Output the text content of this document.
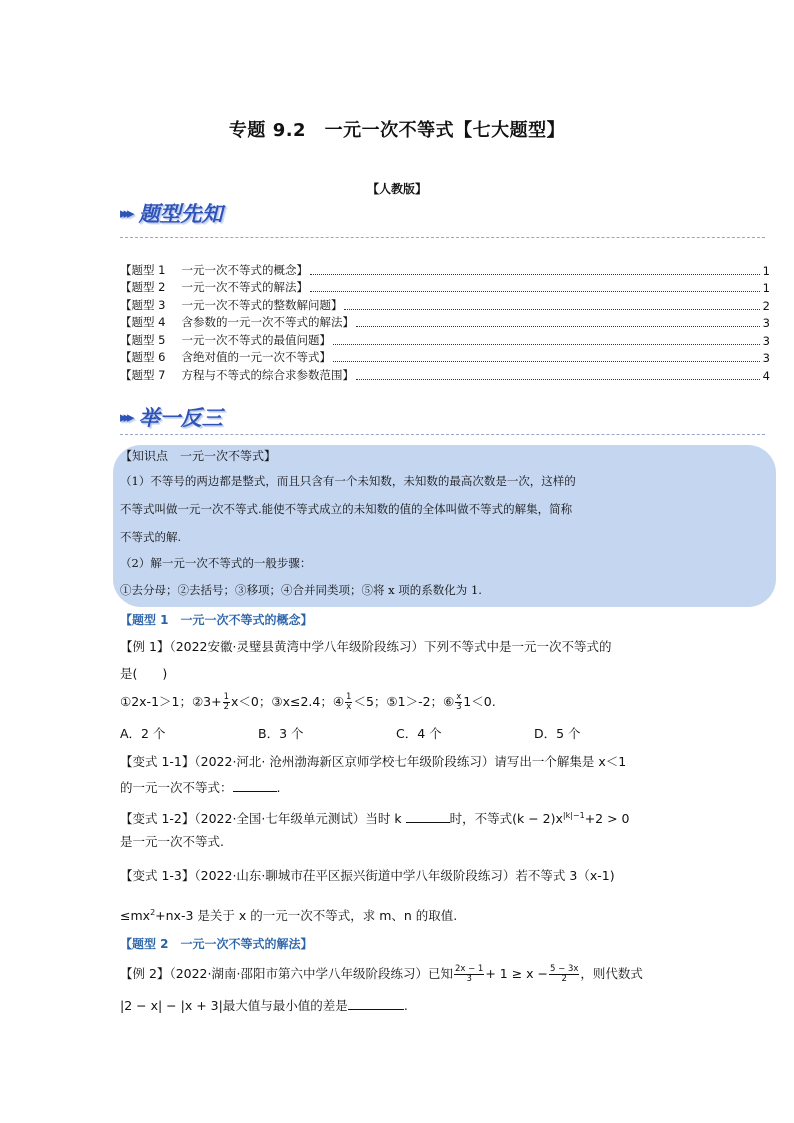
专题 9.2　一元一次不等式【七大题型】
▸▸▸ 题型先知
【人教版】
【题型 1 一元一次不等式的概念】	1
【题型 2 一元一次不等式的解法】	1
【题型 3 一元一次不等式的整数解问题】	2
【题型 4 含参数的一元一次不等式的解法】	3
【题型 5 一元一次不等式的最值问题】	3
【题型 6 含绝对值的一元一次不等式】	3
【题型 7 方程与不等式的综合求参数范围】	4
▸▸▸ 举一反三
【知识点　一元一次不等式】
（1）不等号的两边都是整式，而且只含有一个未知数，未知数的最高次数是一次，这样的
不等式叫做一元一次不等式.能使不等式成立的未知数的值的全体叫做不等式的解集，简称
不等式的解.
（2）解一元一次不等式的一般步骤：
①去分母；②去括号；③移项；④合并同类项；⑤将 x 项的系数化为 1.
【题型 1　一元一次不等式的概念】
【例 1】（2022安徽·灵璧县黄湾中学八年级阶段练习）下列不等式中是一元一次不等式的
是(　　)
①2x-1＞1；②3+ $\frac{1}{2} x<0$；③x≤2.4；④ $\frac{1}{x} <5$；⑤1＞-2；⑥ $\frac{x}{3} 1<0$.
A．2 个	B．3 个	C．4 个	D．5 个
【变式 1-1】（2022·河北· 沧州渤海新区京师学校七年级阶段练习）请写出一个解集是 x＜1
的一元一次不等式：	.
【变式 1-2】（2022·全国·七年级单元测试）当时 k	时，不等式$(k - 2)x^{|k|-1}+2 > 0$
是一元一次不等式.
【变式 1-3】（2022·山东·聊城市茌平区振兴街道中学八年级阶段练习）若不等式 3（x-1)
$\le mx^2+nx-3$ 是关于 x 的一元一次不等式，求 m、n 的取值.
【题型 2　一元一次不等式的解法】
【例 2】（2022·湖南·邵阳市第六中学八年级阶段练习）已知 $\frac{2x - 1}{3} + 1 \ge x - \frac{5 - 3x}{2}$ ，则代数式
|2 − x| − |x + 3|最大值与最小值的差是	.
